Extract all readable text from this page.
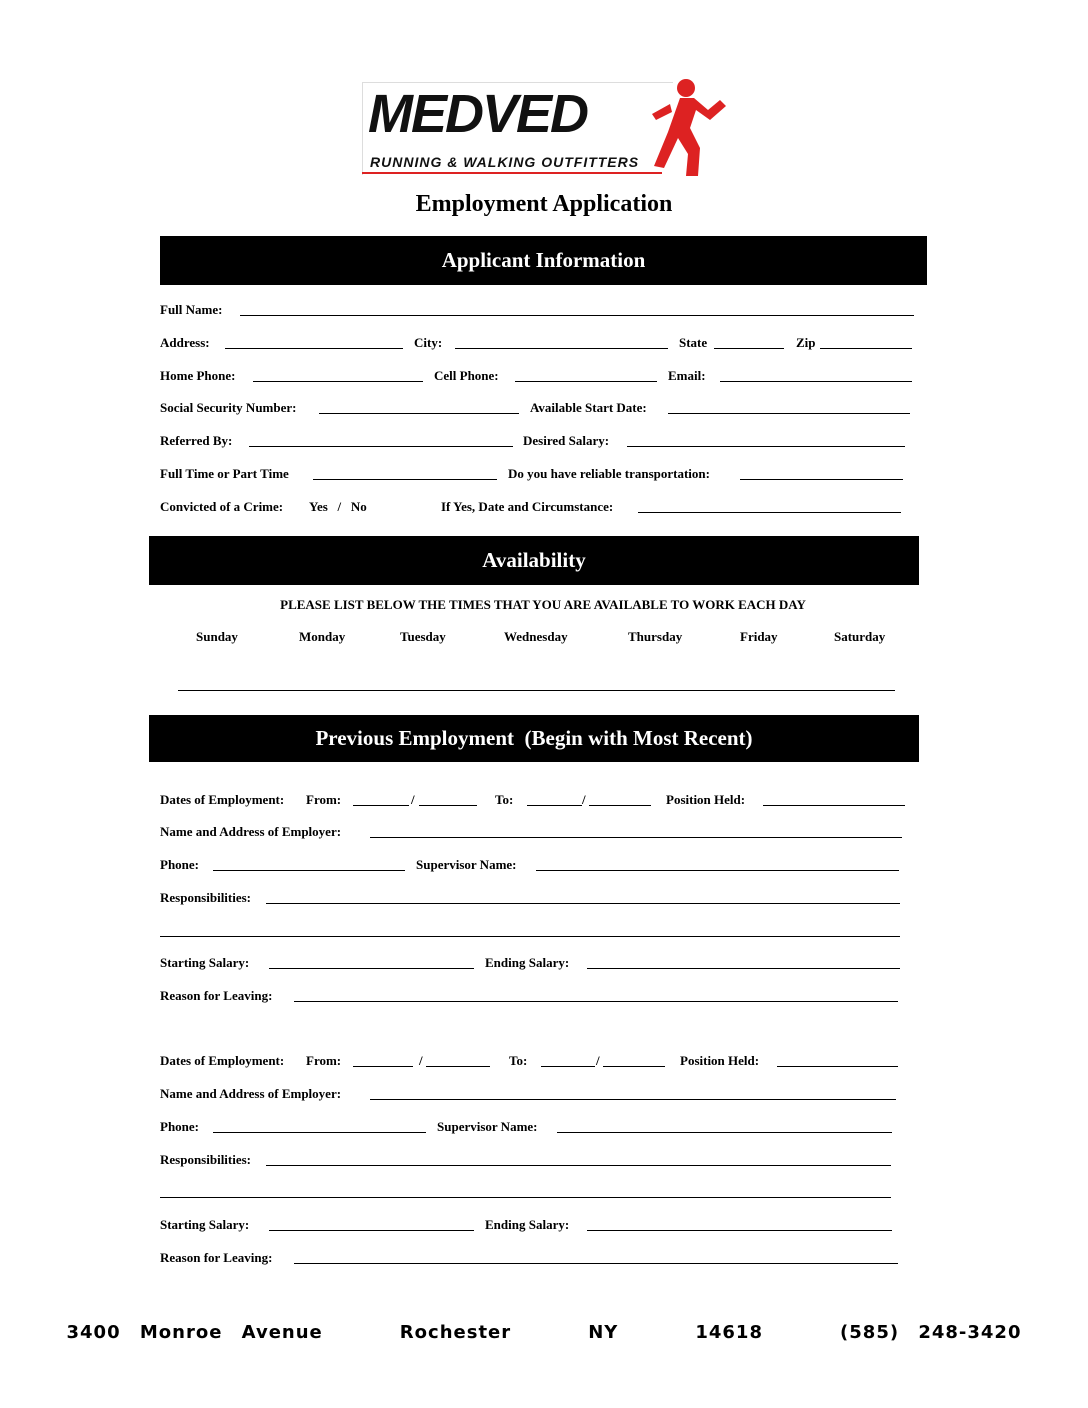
MEDVED
RUNNING & WALKING OUTFITTERS
Employment Application
Applicant Information
Full Name:
Address:	City:	State	Zip
Home Phone:	Cell Phone:	Email:
Social Security Number:	Available Start Date:
Referred By:	Desired Salary:
Full Time or Part Time	Do you have reliable transportation:
Convicted of a Crime: Yes   /   No	If Yes, Date and Circumstance:
Availability
PLEASE LIST BELOW THE TIMES THAT YOU ARE AVAILABLE TO WORK EACH DAY
Sunday	Monday	Tuesday	Wednesday	Thursday	Friday	Saturday
Previous Employment  (Begin with Most Recent)
Dates of Employment: From:	/	To:	/	Position Held:
Name and Address of Employer:
Phone:	Supervisor Name:
Responsibilities:
Starting Salary:	Ending Salary:
Reason for Leaving:
Dates of Employment: From:	/	To:	/	Position Held:
Name and Address of Employer:
Phone:	Supervisor Name:
Responsibilities:
Starting Salary:	Ending Salary:
Reason for Leaving:
3400 Monroe Avenue    Rochester    NY    14618    (585) 248-3420
